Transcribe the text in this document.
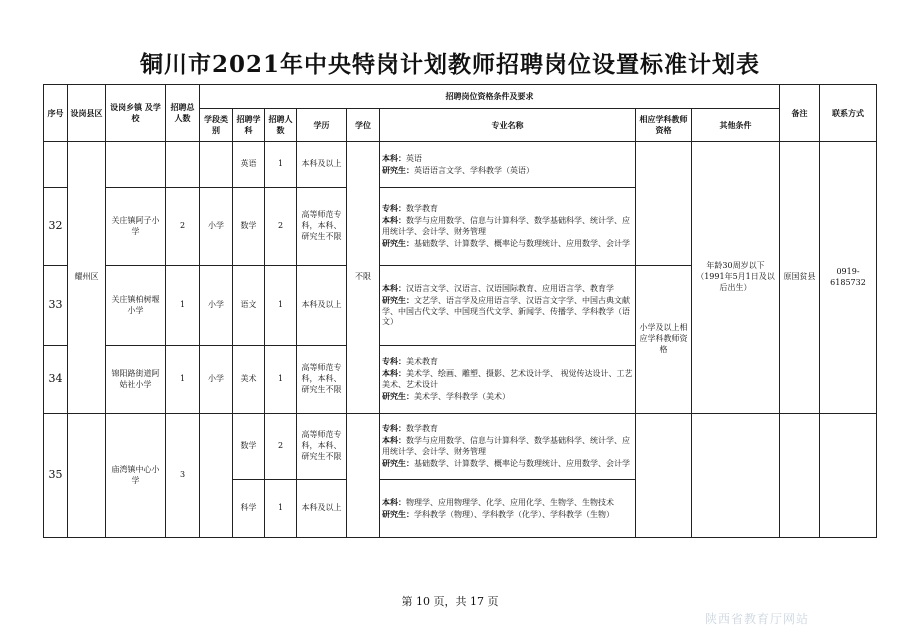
铜川市2021年中央特岗计划教师招聘岗位设置标准计划表
序号	设岗县区	设岗乡镇 及学校	招聘总人数	招聘岗位资格条件及要求								备注	联系方式
				学段类别	招聘学科	招聘人数	学历	学位	专业名称	相应学科教师资格	其他条件		
	耀州区				英语	1	本科及以上	不限	本科：英语
研究生：英语语言文学、学科教学（英语）		年龄30周岁以下（1991年5月1日及以后出生）	原国贫县	0919-6185732
32		关庄镇阿子小学	2	小学	数学	2	高等师范专科，本科、研究生不限		专科：数学教育
本科：数学与应用数学、信息与计算科学、数学基础科学、统计学、应用统计学、会计学、财务管理
研究生：基础数学、计算数学、概率论与数理统计、应用数学、会计学				
33		关庄镇柏树堰小学	1	小学	语文	1	本科及以上		本科：汉语言文学、汉语言、汉语国际教育、应用语言学、教育学
研究生：文艺学、语言学及应用语言学、汉语言文字学、中国古典文献学、中国古代文学、中国现当代文学、新闻学、传播学、学科教学（语文）	小学及以上相应学科教师资格			
34		锦阳路街道阿姑社小学	1	小学	美术	1	高等师范专科，本科、研究生不限		专科：美术教育
本科：美术学、绘画、雕塑、摄影、艺术设计学、 视觉传达设计、工艺美术、艺术设计
研究生：美术学、学科教学（美术）				
35		庙湾镇中心小学	3		数学	2	高等师范专科，本科、研究生不限		专科：数学教育
本科：数学与应用数学、信息与计算科学、数学基础科学、统计学、应用统计学、会计学、财务管理
研究生：基础数学、计算数学、概率论与数理统计、应用数学、会计学				
					科学	1	本科及以上		本科：物理学、应用物理学、化学、应用化学、生物学、生物技术
研究生：学科教学（物理）、学科教学（化学）、学科教学（生物）				
第 10 页，共 17 页
陕西省教育厅网站
